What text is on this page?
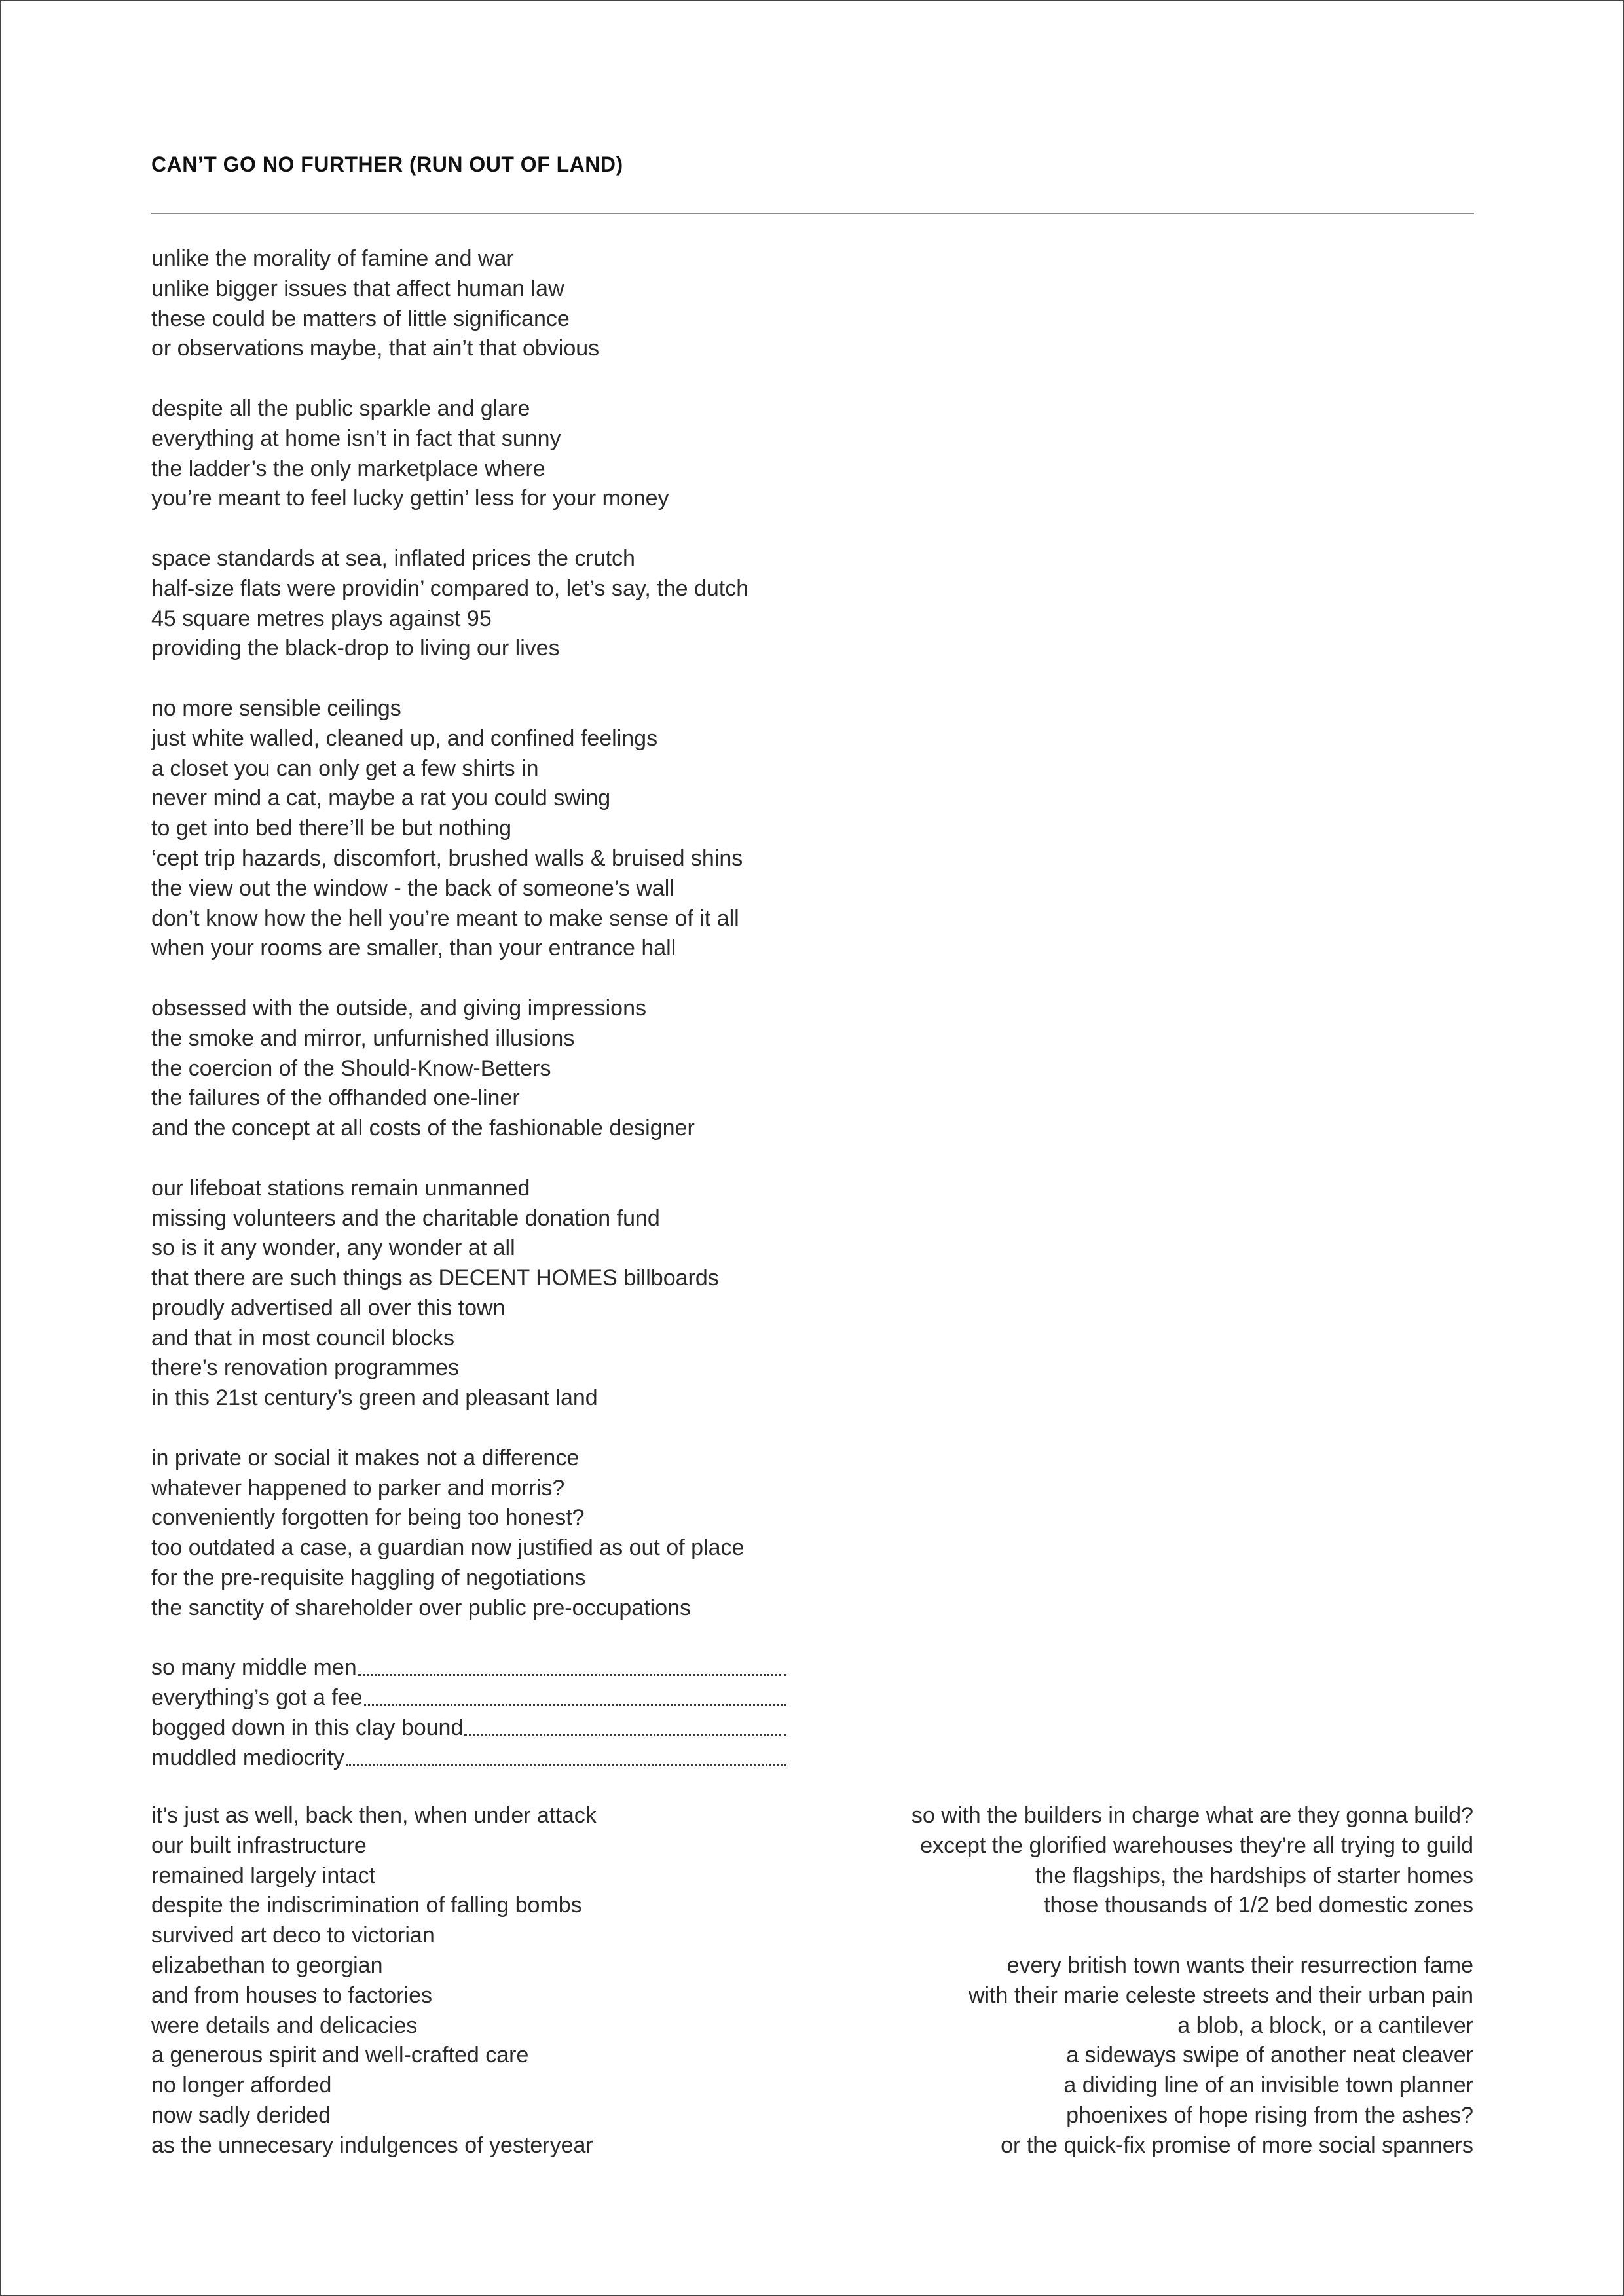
CAN’T GO NO FURTHER (RUN OUT OF LAND)
unlike the morality of famine and war
unlike bigger issues that affect human law
these could be matters of little significance
or observations maybe, that ain’t that obvious
despite all the public sparkle and glare
everything at home isn’t in fact that sunny
the ladder’s the only marketplace where
you’re meant to feel lucky gettin’ less for your money
space standards at sea, inflated prices the crutch
half-size flats were providin’ compared to, let’s say, the dutch
45 square metres plays against 95
providing the black-drop to living our lives
no more sensible ceilings
just white walled, cleaned up, and confined feelings
a closet you can only get a few shirts in
never mind a cat, maybe a rat you could swing
to get into bed there’ll be but nothing
‘cept trip hazards, discomfort, brushed walls & bruised shins
the view out the window - the back of someone’s wall
don’t know how the hell you’re meant to make sense of it all
when your rooms are smaller, than your entrance hall
obsessed with the outside, and giving impressions
the smoke and mirror, unfurnished illusions
the coercion of the Should-Know-Betters
the failures of the offhanded one-liner
and the concept at all costs of the fashionable designer
our lifeboat stations remain unmanned
missing volunteers and the charitable donation fund
so is it any wonder, any wonder at all
that there are such things as DECENT HOMES billboards
proudly advertised all over this town
and that in most council blocks
there’s renovation programmes
in this 21st century’s green and pleasant land
in private or social it makes not a difference
whatever happened to parker and morris?
conveniently forgotten for being too honest?
too outdated a case, a guardian now justified as out of place
for the pre-requisite haggling of negotiations
the sanctity of shareholder over public pre-occupations
so many middle men
everything’s got a fee
bogged down in this clay bound
muddled mediocrity
it’s just as well, back then, when under attack
our built infrastructure
remained largely intact
despite the indiscrimination of falling bombs
survived art deco to victorian
elizabethan to georgian
and from houses to factories
were details and delicacies
a generous spirit and well-crafted care
no longer afforded
now sadly derided
as the unnecesary indulgences of yesteryear
so with the builders in charge what are they gonna build?
except the glorified warehouses they’re all trying to guild
the flagships, the hardships of starter homes
those thousands of 1/2 bed domestic zones
every british town wants their resurrection fame
with their marie celeste streets and their urban pain
a blob, a block, or a cantilever
a sideways swipe of another neat cleaver
a dividing line of an invisible town planner
phoenixes of hope rising from the ashes?
or the quick-fix promise of more social spanners
